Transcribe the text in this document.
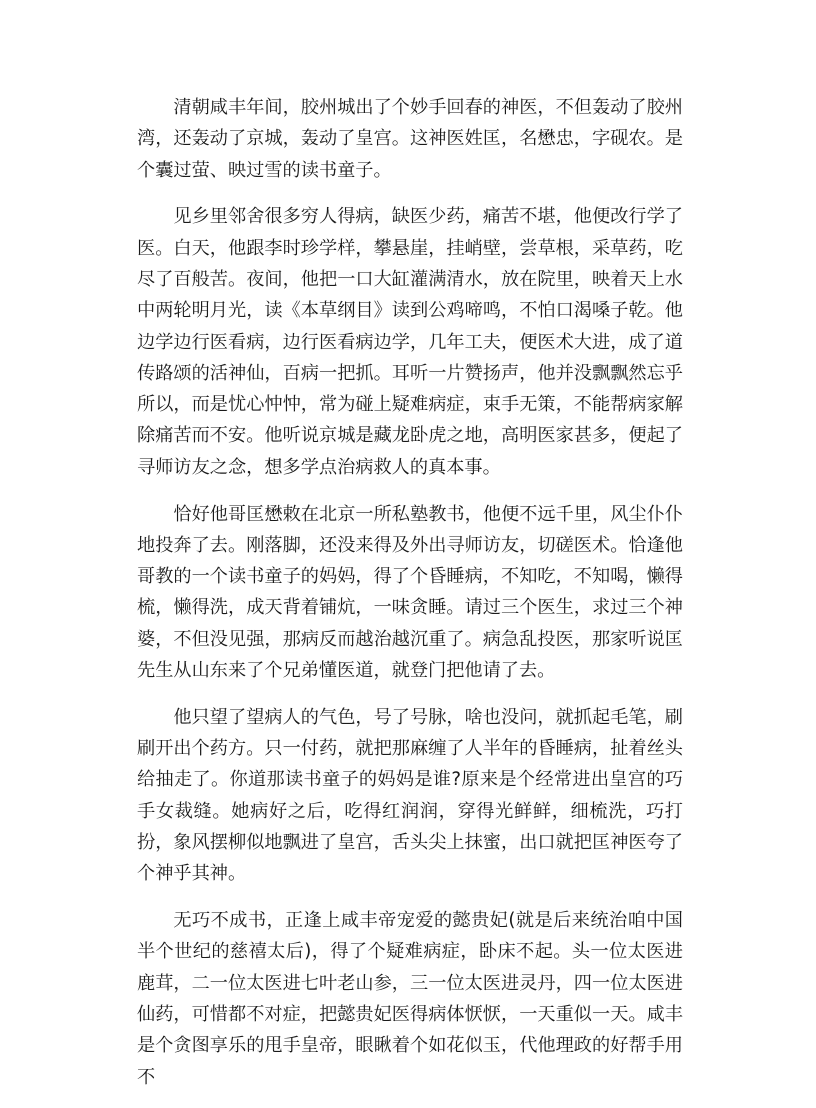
清朝咸丰年间，胶州城出了个妙手回春的神医，不但轰动了胶州湾，还轰动了京城，轰动了皇宫。这神医姓匡，名懋忠，字砚农。是个囊过萤、映过雪的读书童子。

见乡里邻舍很多穷人得病，缺医少药，痛苦不堪，他便改行学了医。白天，他跟李时珍学样，攀悬崖，挂峭壁，尝草根，采草药，吃尽了百般苦。夜间，他把一口大缸灌满清水，放在院里，映着天上水中两轮明月光，读《本草纲目》读到公鸡啼鸣，不怕口渴嗓子乾。他边学边行医看病，边行医看病边学，几年工夫，便医术大进，成了道传路颂的活神仙，百病一把抓。耳听一片赞扬声，他并没飘飘然忘乎所以，而是忧心忡忡，常为碰上疑难病症，束手无策，不能帮病家解除痛苦而不安。他听说京城是藏龙卧虎之地，高明医家甚多，便起了寻师访友之念，想多学点治病救人的真本事。

恰好他哥匡懋敕在北京一所私塾教书，他便不远千里，风尘仆仆地投奔了去。刚落脚，还没来得及外出寻师访友，切磋医术。恰逢他哥教的一个读书童子的妈妈，得了个昏睡病，不知吃，不知喝，懒得梳，懒得洗，成天背着铺炕，一味贪睡。请过三个医生，求过三个神婆，不但没见强，那病反而越治越沉重了。病急乱投医，那家听说匡先生从山东来了个兄弟懂医道，就登门把他请了去。

他只望了望病人的气色，号了号脉，啥也没问，就抓起毛笔，刷刷开出个药方。只一付药，就把那麻缠了人半年的昏睡病，扯着丝头给抽走了。你道那读书童子的妈妈是谁?原来是个经常进出皇宫的巧手女裁缝。她病好之后，吃得红润润，穿得光鲜鲜，细梳洗，巧打扮，象风摆柳似地飘进了皇宫，舌头尖上抹蜜，出口就把匡神医夸了个神乎其神。

无巧不成书，正逢上咸丰帝宠爱的懿贵妃(就是后来统治咱中国半个世纪的慈禧太后)，得了个疑难病症，卧床不起。头一位太医进鹿茸，二一位太医进七叶老山参，三一位太医进灵丹，四一位太医进仙药，可惜都不对症，把懿贵妃医得病体恹恹，一天重似一天。咸丰是个贪图享乐的甩手皇帝，眼瞅着个如花似玉，代他理政的好帮手用不
